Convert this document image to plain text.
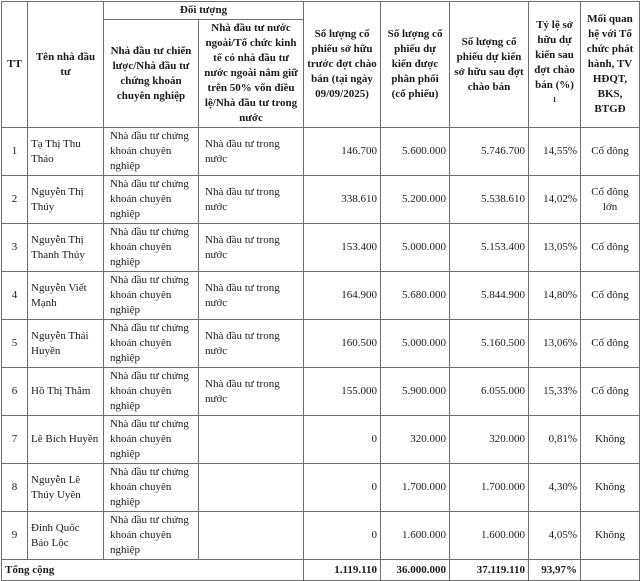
TT	Tên nhà đầu tư	Đối tượng		Số lượng cổ phiếu sở hữu trước đợt chào bán (tại ngày 09/09/2025)	Số lượng cổ phiếu dự kiến được phân phối (cổ phiếu)	Số lượng cổ phiếu dự kiến sở hữu sau đợt chào bán	Tỷ lệ sở hữu dự kiến sau đợt chào bán (%) $^1$	Mối quan hệ với Tổ chức phát hành, TV HĐQT, BKS, BTGĐ
		Nhà đầu tư chiến lược/Nhà đầu tư chứng khoán chuyên nghiệp	Nhà đầu tư nước ngoài/Tổ chức kinh tế có nhà đầu tư nước ngoài nắm giữ trên 50% vốn điều lệ/Nhà đầu tư trong nước					
1	Tạ Thị Thu Thảo	Nhà đầu tư chứng khoán chuyên nghiệp	Nhà đầu tư trong nước	146.700	5.600.000	5.746.700	14,55%	Cổ đông
2	Nguyễn Thị Thúy	Nhà đầu tư chứng khoán chuyên nghiệp	Nhà đầu tư trong nước	338.610	5.200.000	5.538.610	14,02%	Cổ đông lớn
3	Nguyễn Thị Thanh Thủy	Nhà đầu tư chứng khoán chuyên nghiệp	Nhà đầu tư trong nước	153.400	5.000.000	5.153.400	13,05%	Cổ đông
4	Nguyễn Viết Mạnh	Nhà đầu tư chứng khoán chuyên nghiệp	Nhà đầu tư trong nước	164.900	5.680.000	5.844.900	14,80%	Cổ đông
5	Nguyễn Thái Huyền	Nhà đầu tư chứng khoán chuyên nghiệp	Nhà đầu tư trong nước	160.500	5.000.000	5.160.500	13,06%	Cổ đông
6	Hồ Thị Thắm	Nhà đầu tư chứng khoán chuyên nghiệp	Nhà đầu tư trong nước	155.000	5.900.000	6.055.000	15,33%	Cổ đông
7	Lê Bích Huyền	Nhà đầu tư chứng khoán chuyên nghiệp		0	320.000	320.000	0,81%	Không
8	Nguyễn Lê Thúy Uyên	Nhà đầu tư chứng khoán chuyên nghiệp		0	1.700.000	1.700.000	4,30%	Không
9	Đinh Quốc Bảo Lộc	Nhà đầu tư chứng khoán chuyên nghiệp		0	1.600.000	1.600.000	4,05%	Không
Tổng cộng				1.119.110	36.000.000	37.119.110	93,97%	
